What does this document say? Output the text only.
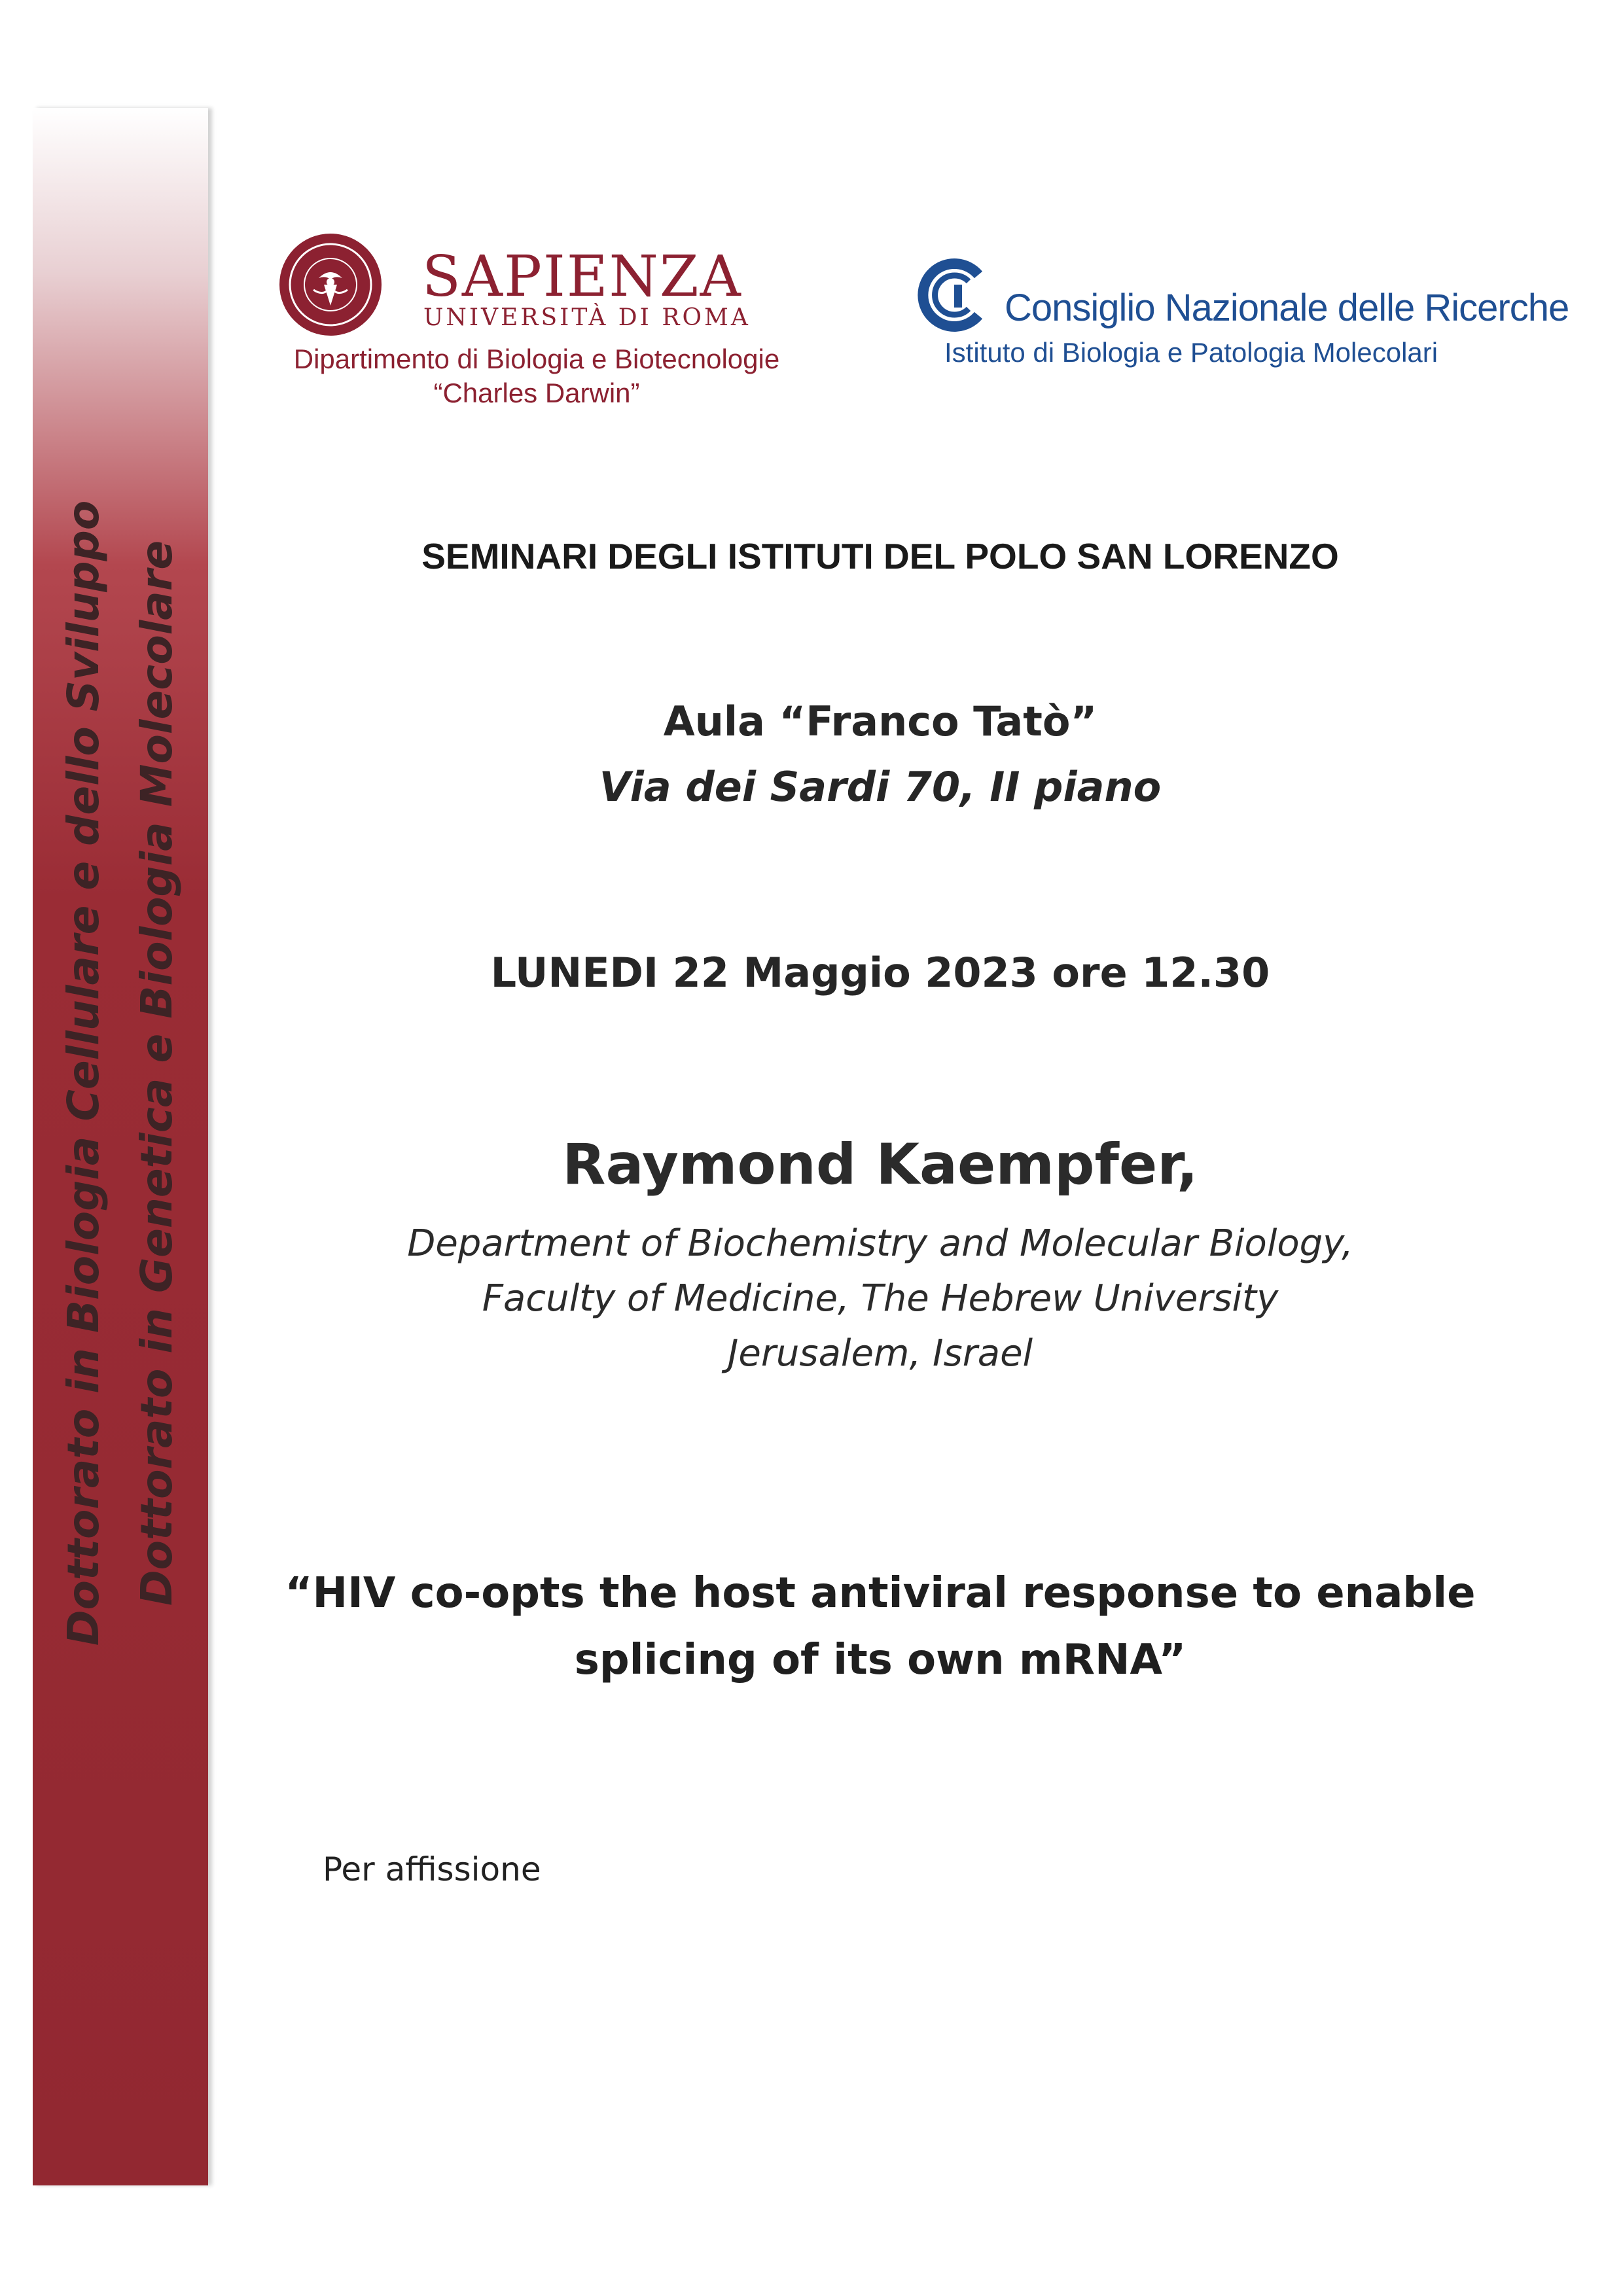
Dottorato in Biologia Cellulare e dello Sviluppo Dottorato in Genetica e Biologia Molecolare
SAPIENZA
UNIVERSITÀ DI ROMA
Dipartimento di Biologia e Biotecnologie
“Charles Darwin”
Consiglio Nazionale delle Ricerche
Istituto di Biologia e Patologia Molecolari
SEMINARI DEGLI ISTITUTI DEL POLO SAN LORENZO
Aula “Franco Tatò”
Via dei Sardi 70, II piano
LUNEDI 22 Maggio 2023 ore 12.30
Raymond Kaempfer,
Department of Biochemistry and Molecular Biology,
Faculty of Medicine, The Hebrew University
Jerusalem, Israel
“HIV co-opts the host antiviral response to enable
splicing of its own mRNA”
Per affissione
